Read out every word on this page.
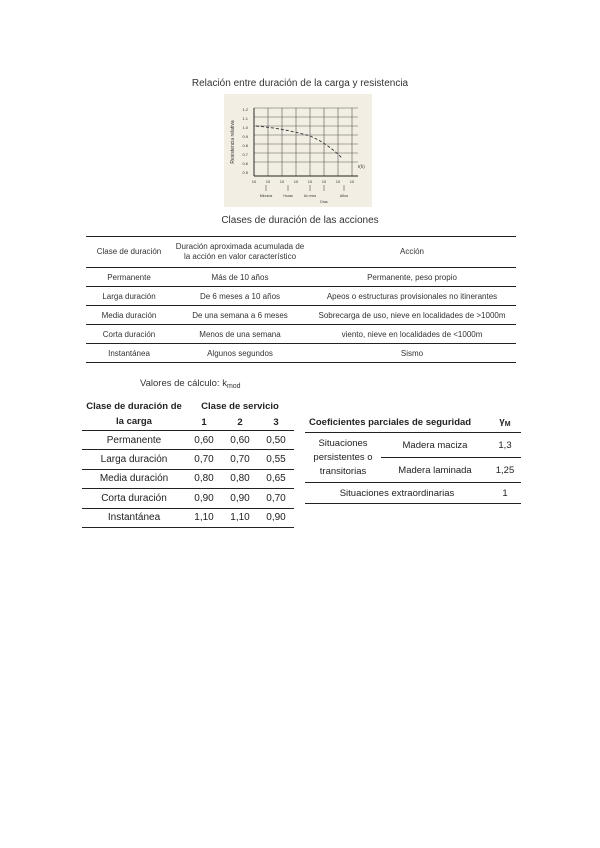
Relación entre duración de la carga y resistencia
Resistencia relativa
1.2
1.1
1.0
0.9
0.8
0.7
0.6
0.5
t(h)
10 10 10 10 10 10 10 10
Minutos	Horas	Un mes
Días
Años
Clases de duración de las acciones
Clase de duración	Duración aproximada acumulada de la acción en valor característico	Acción
Permanente	Más de 10 años	Permanente, peso propio
Larga duración	De 6 meses a 10 años	Apeos o estructuras provisionales no itinerantes
Media duración	De una semana a 6 meses	Sobrecarga de uso, nieve en localidades de >1000m
Corta duración	Menos de una semana	viento, nieve en localidades de <1000m
Instantánea	Algunos segundos	Sismo
Valores de cálculo: $k_{mod}$
Clase de duración de la carga	Clase de servicio		
	1	2	3
Permanente	0,60	0,60	0,50
Larga duración	0,70	0,70	0,55
Media duración	0,80	0,80	0,65
Corta duración	0,90	0,90	0,70
Instantánea	1,10	1,10	0,90
Coeficientes parciales de seguridad		$\gamma_M$
Situaciones persistentes o transitorias	Madera maciza	1,3
	Madera laminada	1,25
Situaciones extraordinarias		1
